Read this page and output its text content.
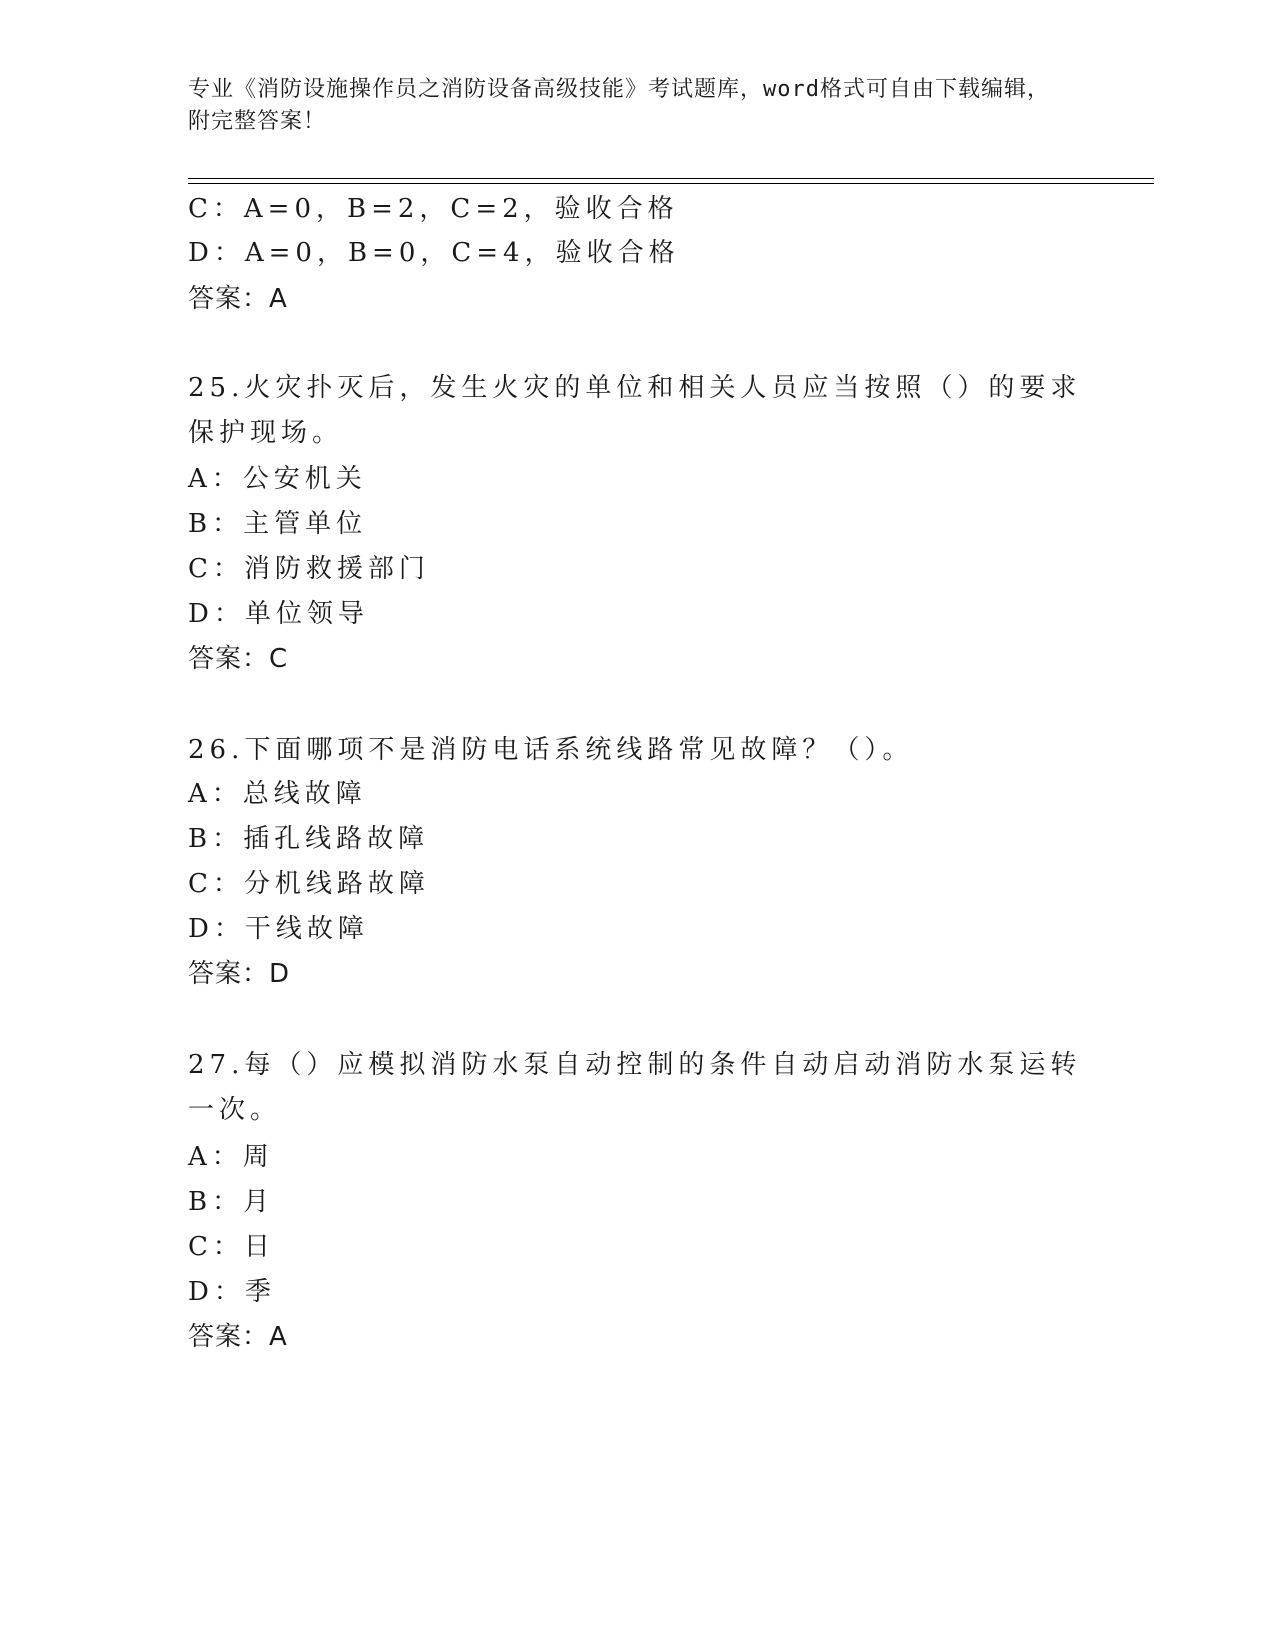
专业《消防设施操作员之消防设备高级技能》考试题库，word格式可自由下载编辑，附完整答案！
C：A=0，B=2，C=2，验收合格
D：A=0，B=0，C=4，验收合格
答案：A
25.火灾扑灭后，发生火灾的单位和相关人员应当按照（）的要求保护现场。
A：公安机关
B：主管单位
C：消防救援部门
D：单位领导
答案：C
26.下面哪项不是消防电话系统线路常见故障？（）。
A：总线故障
B：插孔线路故障
C：分机线路故障
D：干线故障
答案：D
27.每（）应模拟消防水泵自动控制的条件自动启动消防水泵运转一次。
A：周
B：月
C：日
D：季
答案：A
